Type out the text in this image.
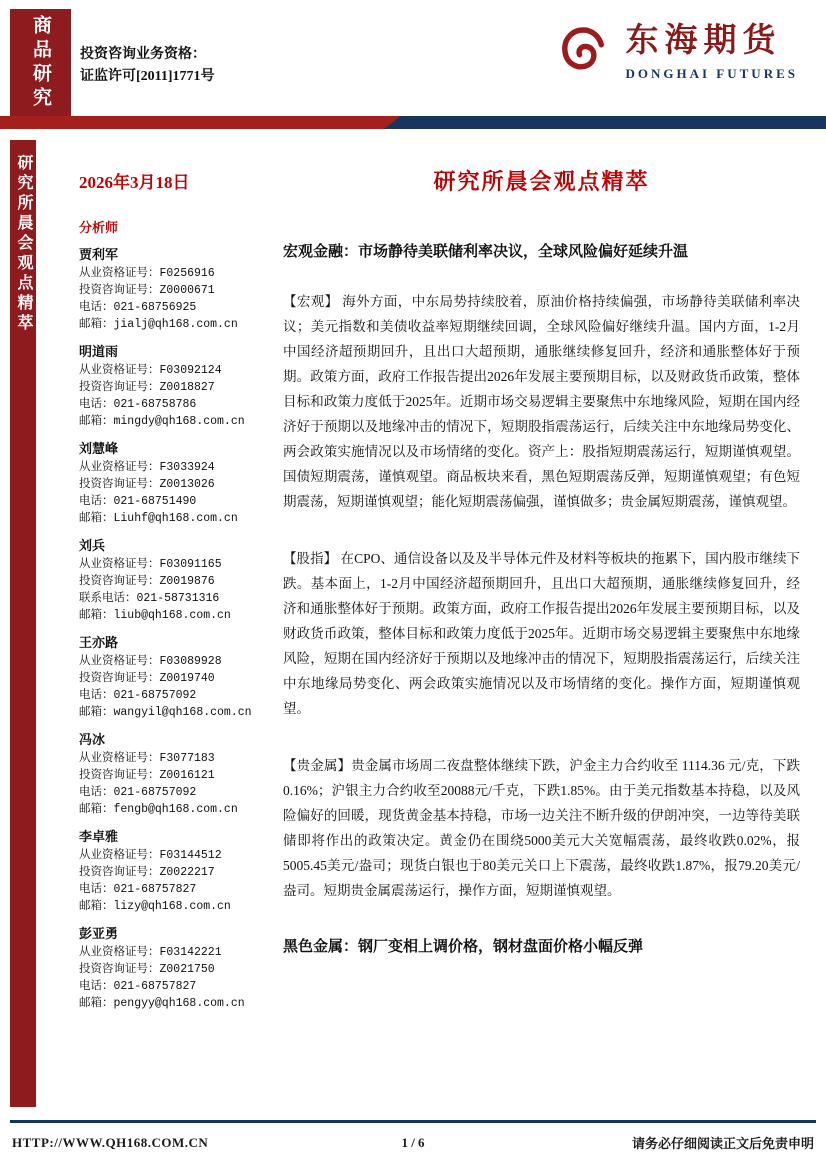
商品研究 投资咨询业务资格：
证监许可[2011]1771号
东海期货
DONGHAI FUTURES
研究所晨会观点精萃	2026年3月18日
分析师
贾利军
从业资格证号：F0256916
投资咨询证号：Z0000671
电话：021-68756925
邮箱：jialj@qh168.com.cn
明道雨
从业资格证号：F03092124
投资咨询证号：Z0018827
电话：021-68758786
邮箱：mingdy@qh168.com.cn
刘慧峰
从业资格证号：F3033924
投资咨询证号：Z0013026
电话：021-68751490
邮箱：Liuhf@qh168.com.cn
刘兵
从业资格证号：F03091165
投资咨询证号：Z0019876
联系电话：021-58731316
邮箱：liub@qh168.com.cn
王亦路
从业资格证号：F03089928
投资咨询证号：Z0019740
电话：021-68757092
邮箱：wangyil@qh168.com.cn
冯冰
从业资格证号：F3077183
投资咨询证号：Z0016121
电话：021-68757092
邮箱：fengb@qh168.com.cn
李卓雅
从业资格证号：F03144512
投资咨询证号：Z0022217
电话：021-68757827
邮箱：lizy@qh168.com.cn
彭亚勇
从业资格证号：F03142221
投资咨询证号：Z0021750
电话：021-68757827
邮箱：pengyy@qh168.com.cn
研究所晨会观点精萃
宏观金融：市场静待美联储利率决议，全球风险偏好延续升温
【宏观】 海外方面，中东局势持续胶着，原油价格持续偏强，市场静待美联储利率决议；美元指数和美债收益率短期继续回调，全球风险偏好继续升温。国内方面，1-2月中国经济超预期回升，且出口大超预期，通胀继续修复回升，经济和通胀整体好于预期。政策方面，政府工作报告提出2026年发展主要预期目标，以及财政货币政策，整体目标和政策力度低于2025年。近期市场交易逻辑主要聚焦中东地缘风险，短期在国内经济好于预期以及地缘冲击的情况下，短期股指震荡运行，后续关注中东地缘局势变化、两会政策实施情况以及市场情绪的变化。资产上：股指短期震荡运行，短期谨慎观望。国债短期震荡，谨慎观望。商品板块来看，黑色短期震荡反弹，短期谨慎观望；有色短期震荡，短期谨慎观望；能化短期震荡偏强，谨慎做多；贵金属短期震荡，谨慎观望。
【股指】 在CPO、通信设备以及及半导体元件及材料等板块的拖累下，国内股市继续下跌。基本面上，1-2月中国经济超预期回升，且出口大超预期，通胀继续修复回升，经济和通胀整体好于预期。政策方面，政府工作报告提出2026年发展主要预期目标，以及财政货币政策，整体目标和政策力度低于2025年。近期市场交易逻辑主要聚焦中东地缘风险，短期在国内经济好于预期以及地缘冲击的情况下，短期股指震荡运行，后续关注中东地缘局势变化、两会政策实施情况以及市场情绪的变化。操作方面，短期谨慎观望。
【贵金属】贵金属市场周二夜盘整体继续下跌，沪金主力合约收至 1114.36 元/克，下跌0.16%；沪银主力合约收至20088元/千克，下跌1.85%。由于美元指数基本持稳，以及风险偏好的回暖，现货黄金基本持稳，市场一边关注不断升级的伊朗冲突，一边等待美联储即将作出的政策决定。黄金仍在围绕5000美元大关宽幅震荡，最终收跌0.02%，报5005.45美元/盎司；现货白银也于80美元关口上下震荡，最终收跌1.87%，报79.20美元/盎司。短期贵金属震荡运行，操作方面，短期谨慎观望。
黑色金属：钢厂变相上调价格，钢材盘面价格小幅反弹
HTTP://WWW.QH168.COM.CN	1 / 6	请务必仔细阅读正文后免责申明
